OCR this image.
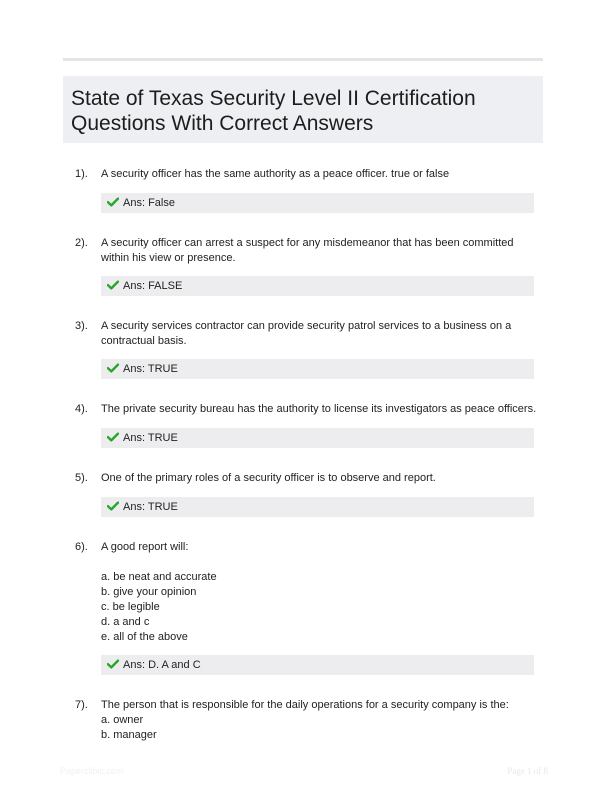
State of Texas Security Level II Certification Questions With Correct Answers
1). A security officer has the same authority as a peace officer. true or false
Ans: False
2). A security officer can arrest a suspect for any misdemeanor that has been committed within his view or presence.
Ans: FALSE
3). A security services contractor can provide security patrol services to a business on a contractual basis.
Ans: TRUE
4). The private security bureau has the authority to license its investigators as peace officers.
Ans: TRUE
5). One of the primary roles of a security officer is to observe and report.
Ans: TRUE
6). A good report will:
a. be neat and accurate
b. give your opinion
c. be legible
d. a and c
e. all of the above
Ans: D. A and C
7). The person that is responsible for the daily operations for a security company is the:
a. owner
b. manager
Paperzlibic.com	Page 1 of 8
